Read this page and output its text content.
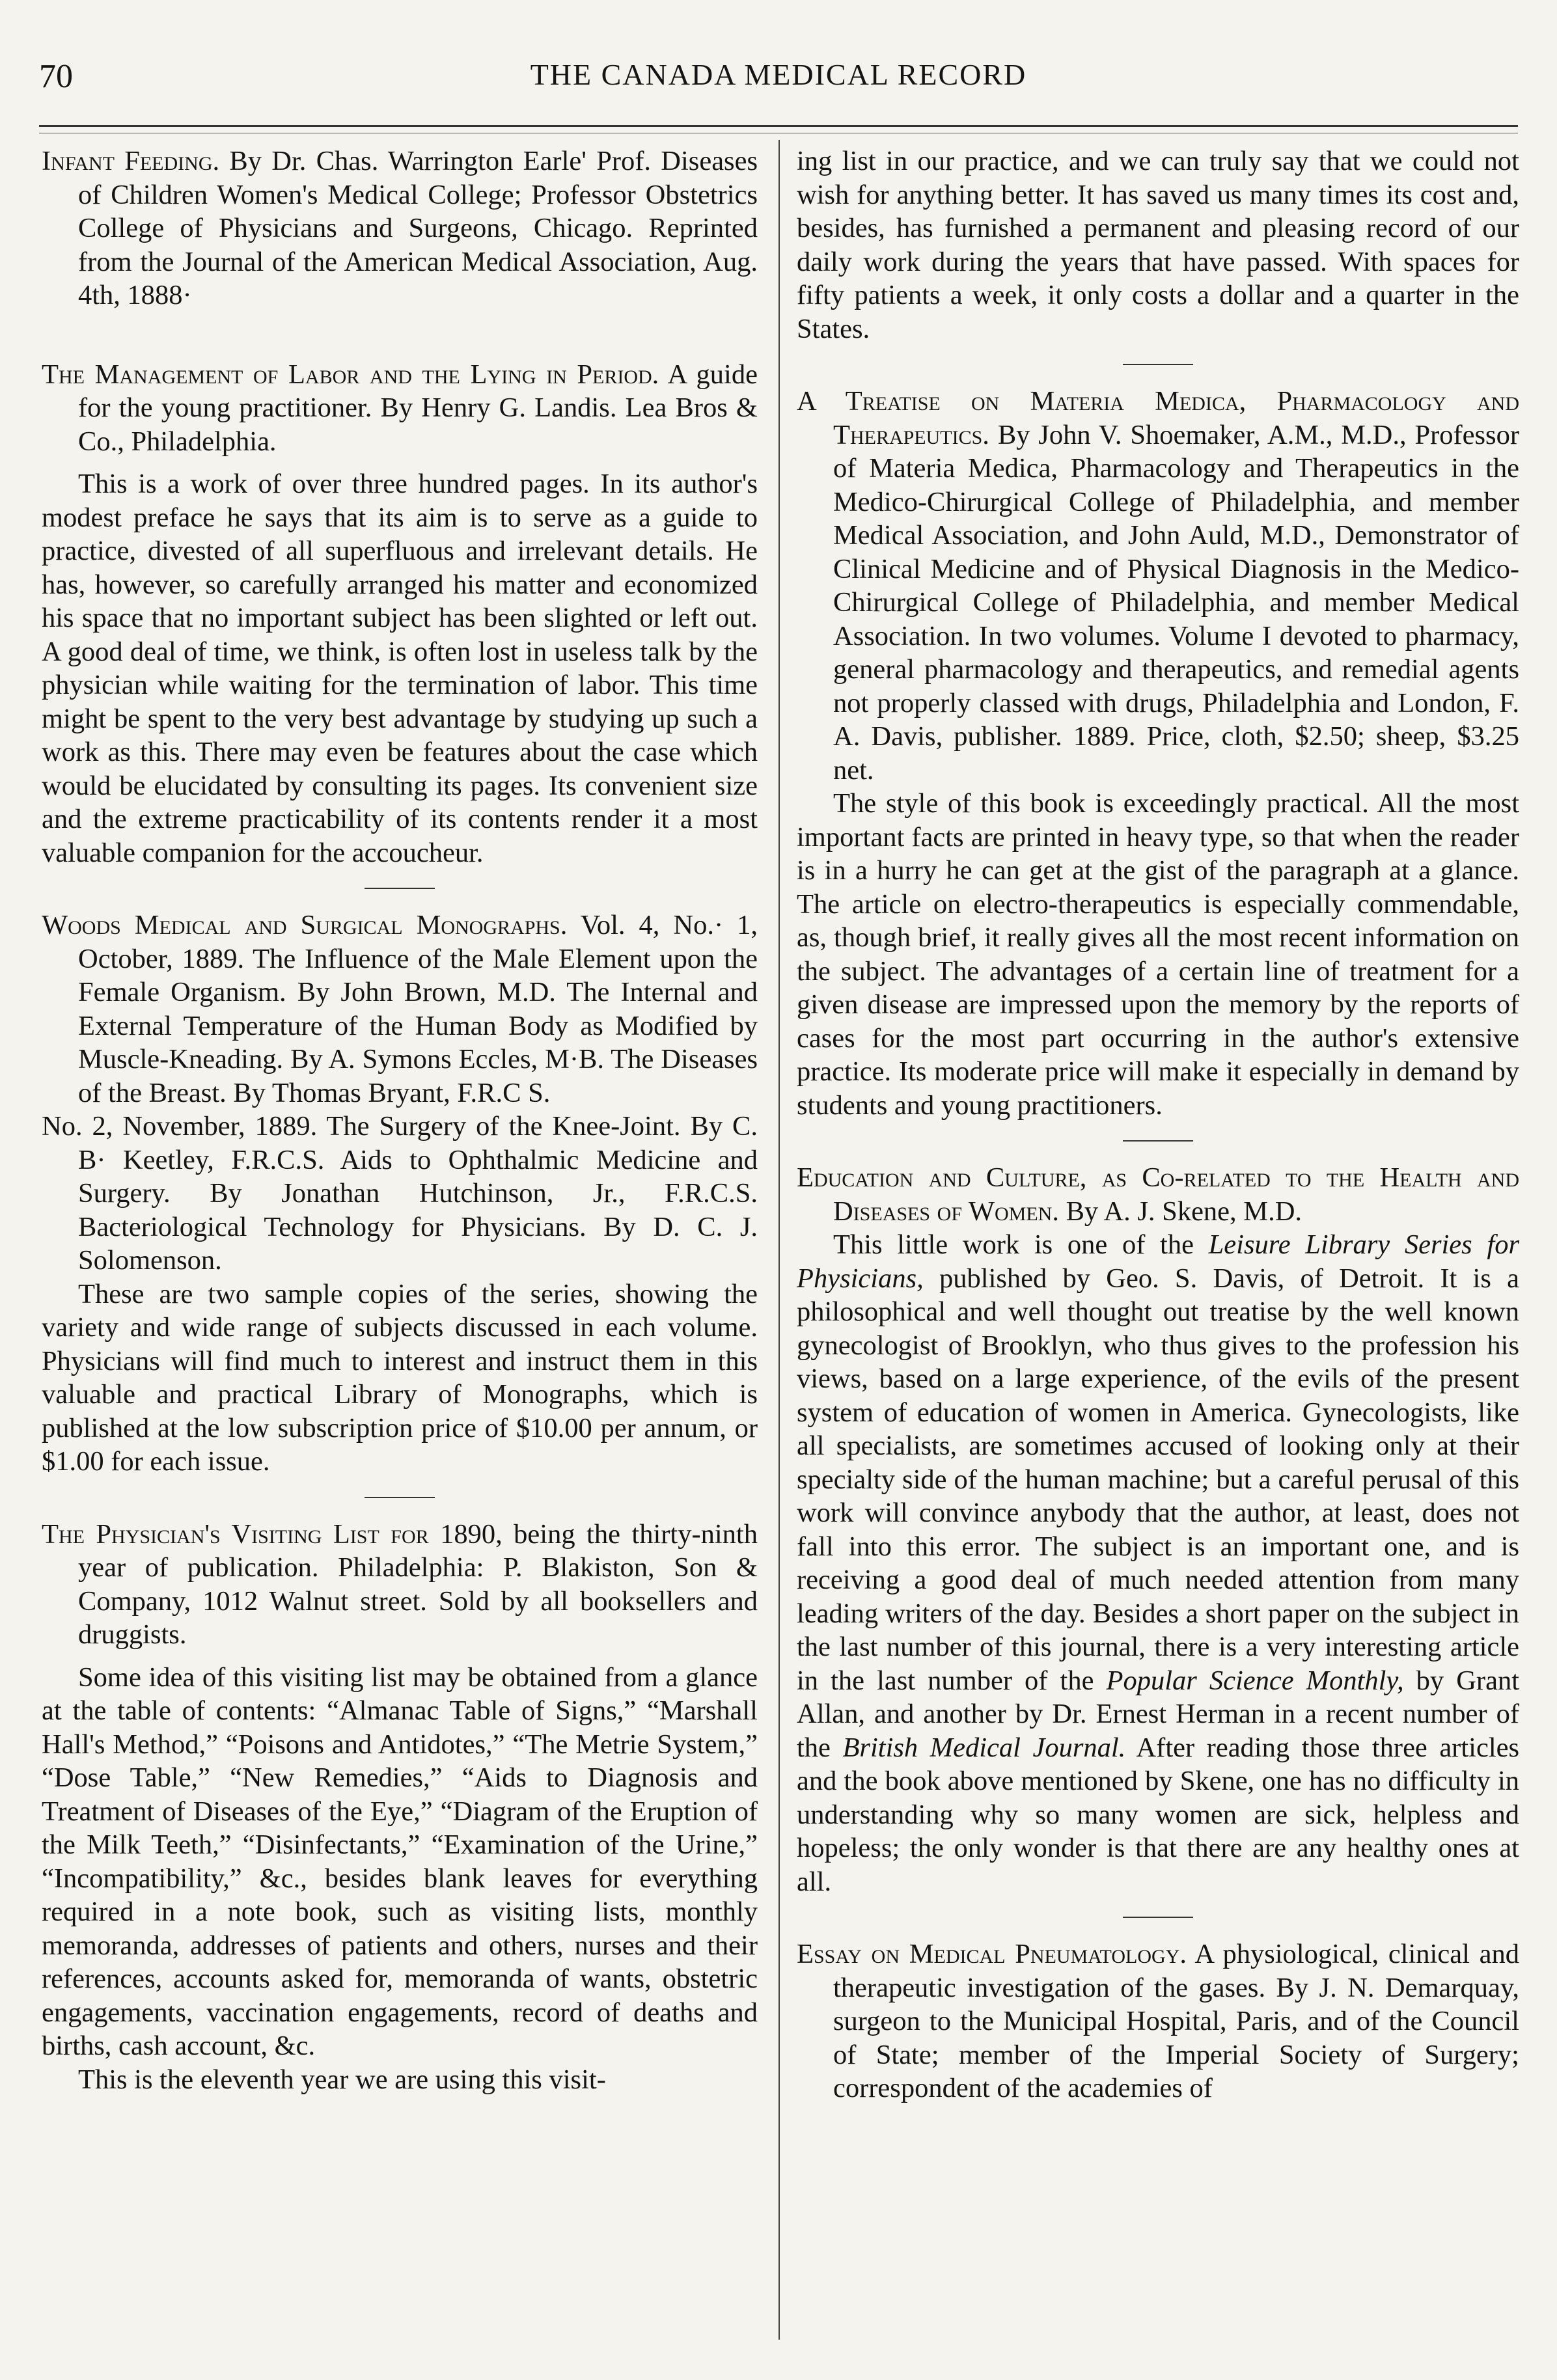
70	THE CANADA MEDICAL RECORD

Infant Feeding. By Dr. Chas. Warrington Earle' Prof. Diseases of Children Women's Medical College; Professor Obstetrics College of Physicians and Surgeons, Chicago. Reprinted from the Journal of the American Medical Association, Aug. 4th, 1888·

The Management of Labor and the Lying in Period. A guide for the young practitioner. By Henry G. Landis. Lea Bros & Co., Philadelphia.

This is a work of over three hundred pages. In its author's modest preface he says that its aim is to serve as a guide to practice, divested of all superfluous and irrelevant details. He has, however, so carefully arranged his matter and economized his space that no important subject has been slighted or left out. A good deal of time, we think, is often lost in useless talk by the physician while waiting for the termination of labor. This time might be spent to the very best advantage by studying up such a work as this. There may even be features about the case which would be elucidated by consulting its pages. Its convenient size and the extreme practicability of its contents render it a most valuable companion for the accoucheur.

Woods Medical and Surgical Monographs. Vol. 4, No.· 1, October, 1889. The Influence of the Male Element upon the Female Organism. By John Brown, M.D. The Internal and External Temperature of the Human Body as Modified by Muscle-Kneading. By A. Symons Eccles, M·B. The Diseases of the Breast. By Thomas Bryant, F.R.C S.

No. 2, November, 1889. The Surgery of the Knee-Joint. By C. B· Keetley, F.R.C.S. Aids to Ophthalmic Medicine and Surgery. By Jonathan Hutchinson, Jr., F.R.C.S. Bacteriological Technology for Physicians. By D. C. J. Solomenson.

These are two sample copies of the series, showing the variety and wide range of subjects discussed in each volume. Physicians will find much to interest and instruct them in this valuable and practical Library of Monographs, which is published at the low subscription price of $10.00 per annum, or $1.00 for each issue.

The Physician's Visiting List for 1890, being the thirty-ninth year of publication. Philadelphia: P. Blakiston, Son & Company, 1012 Walnut street. Sold by all booksellers and druggists.

Some idea of this visiting list may be obtained from a glance at the table of contents: “Almanac Table of Signs,” “Marshall Hall's Method,” “Poisons and Antidotes,” “The Metrie System,” “Dose Table,” “New Remedies,” “Aids to Diagnosis and Treatment of Diseases of the Eye,” “Diagram of the Eruption of the Milk Teeth,” “Disinfectants,” “Examination of the Urine,” “Incompatibility,” &c., besides blank leaves for everything required in a note book, such as visiting lists, monthly memoranda, addresses of patients and others, nurses and their references, accounts asked for, memoranda of wants, obstetric engagements, vaccination engagements, record of deaths and births, cash account, &c.

This is the eleventh year we are using this visit-

ing list in our practice, and we can truly say that we could not wish for anything better. It has saved us many times its cost and, besides, has furnished a permanent and pleasing record of our daily work during the years that have passed. With spaces for fifty patients a week, it only costs a dollar and a quarter in the States.

A Treatise on Materia Medica, Pharmacology and Therapeutics. By John V. Shoemaker, A.M., M.D., Professor of Materia Medica, Pharmacology and Therapeutics in the Medico-Chirurgical College of Philadelphia, and member Medical Association, and John Auld, M.D., Demonstrator of Clinical Medicine and of Physical Diagnosis in the Medico-Chirurgical College of Philadelphia, and member Medical Association. In two volumes. Volume I devoted to pharmacy, general pharmacology and therapeutics, and remedial agents not properly classed with drugs, Philadelphia and London, F. A. Davis, publisher. 1889. Price, cloth, $2.50; sheep, $3.25 net.

The style of this book is exceedingly practical. All the most important facts are printed in heavy type, so that when the reader is in a hurry he can get at the gist of the paragraph at a glance. The article on electro-therapeutics is especially commendable, as, though brief, it really gives all the most recent information on the subject. The advantages of a certain line of treatment for a given disease are impressed upon the memory by the reports of cases for the most part occurring in the author's extensive practice. Its moderate price will make it especially in demand by students and young practitioners.

Education and Culture, as Co-related to the Health and Diseases of Women. By A. J. Skene, M.D.

This little work is one of the Leisure Library Series for Physicians, published by Geo. S. Davis, of Detroit. It is a philosophical and well thought out treatise by the well known gynecologist of Brooklyn, who thus gives to the profession his views, based on a large experience, of the evils of the present system of education of women in America. Gynecologists, like all specialists, are sometimes accused of looking only at their specialty side of the human machine; but a careful perusal of this work will convince anybody that the author, at least, does not fall into this error. The subject is an important one, and is receiving a good deal of much needed attention from many leading writers of the day. Besides a short paper on the subject in the last number of this journal, there is a very interesting article in the last number of the Popular Science Monthly, by Grant Allan, and another by Dr. Ernest Herman in a recent number of the British Medical Journal. After reading those three articles and the book above mentioned by Skene, one has no difficulty in understanding why so many women are sick, helpless and hopeless; the only wonder is that there are any healthy ones at all.

Essay on Medical Pneumatology. A physiological, clinical and therapeutic investigation of the gases. By J. N. Demarquay, surgeon to the Municipal Hospital, Paris, and of the Council of State; member of the Imperial Society of Surgery; correspondent of the academies of
